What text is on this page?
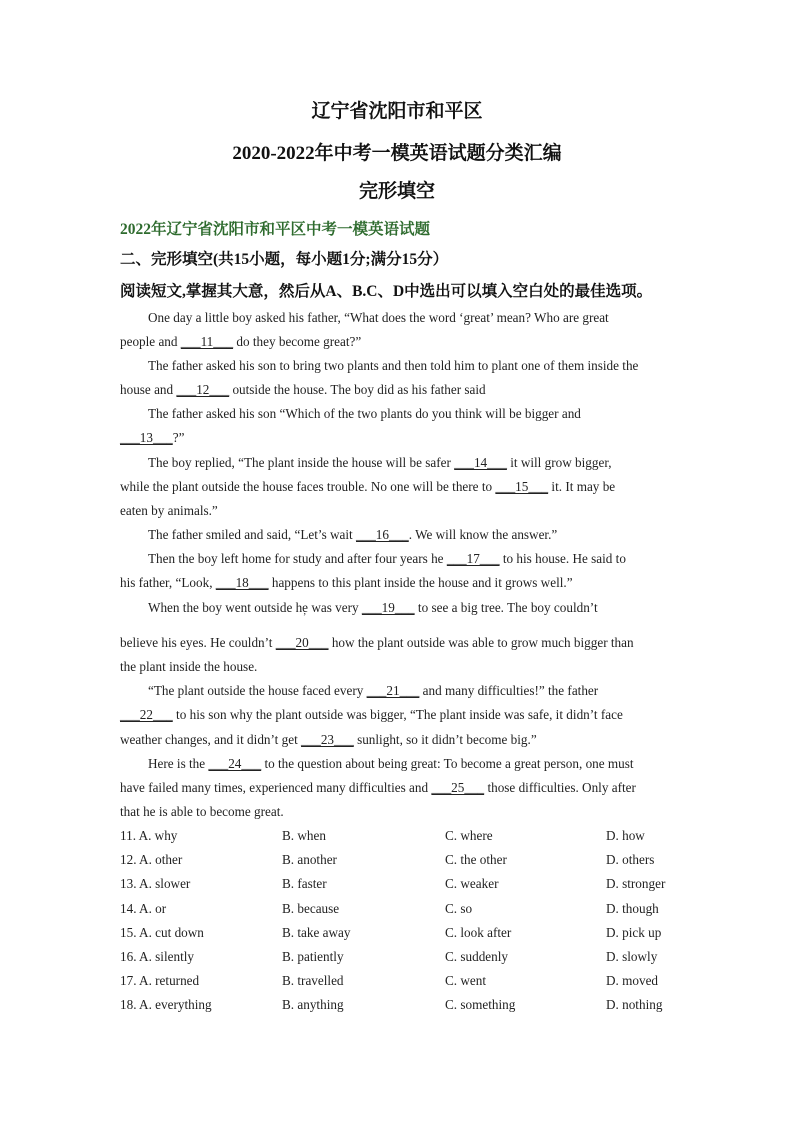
辽宁省沈阳市和平区
2020-2022年中考一模英语试题分类汇编
完形填空
2022年辽宁省沈阳市和平区中考一模英语试题
二、完形填空(共15小题，每小题1分;满分15分）
阅读短文,掌握其大意，然后从A、B.C、D中选出可以填入空白处的最佳选项。
One day a little boy asked his father, “What does the word ‘great’ mean? Who are great
people and ___11___ do they become great?”
The father asked his son to bring two plants and then told him to plant one of them inside the
house and ___12___ outside the house. The boy did as his father said
The father asked his son “Which of the two plants do you think will be bigger and
___13___?”
The boy replied, “The plant inside the house will be safer ___14___ it will grow bigger,
while the plant outside the house faces trouble. No one will be there to ___15___ it. It may be
eaten by animals.”
The father smiled and said, “Let’s wait ___16___. We will know the answer.”
Then the boy left home for study and after four years he ___17___ to his house. He said to
his father, “Look, ___18___ happens to this plant inside the house and it grows well.”
When the boy went outside he was very ___19___ to see a big tree. The boy couldn’t
’
believe his eyes. He couldn’t ___20___ how the plant outside was able to grow much bigger than
the plant inside the house.
“The plant outside the house faced every ___21___ and many difficulties!” the father
___22___ to his son why the plant outside was bigger, “The plant inside was safe, it didn’t face
weather changes, and it didn’t get ___23___ sunlight, so it didn’t become big.”
Here is the ___24___ to the question about being great: To become a great person, one must
have failed many times, experienced many difficulties and ___25___ those difficulties. Only after
that he is able to become great.
11. A. why	B. when	C. where	D. how
12. A. other	B. another	C. the other	D. others
13. A. slower	B. faster	C. weaker	D. stronger
14. A. or	B. because	C. so	D. though
15. A. cut down	B. take away	C. look after	D. pick up
16. A. silently	B. patiently	C. suddenly	D. slowly
17. A. returned	B. travelled	C. went	D. moved
18. A. everything	B. anything	C. something	D. nothing
